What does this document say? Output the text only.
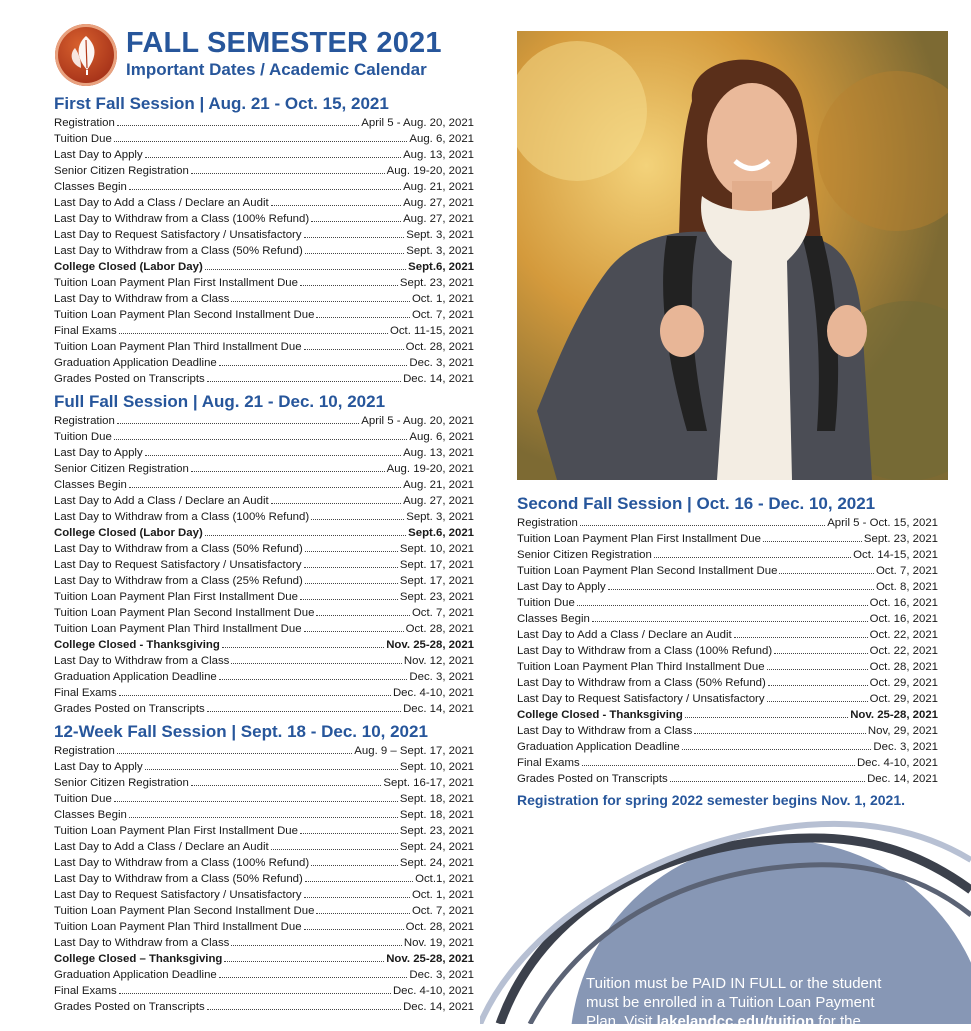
FALL SEMESTER 2021
Important Dates / Academic Calendar
First Fall Session | Aug. 21 - Oct. 15, 2021
Registration	April 5 - Aug. 20, 2021
Tuition Due	Aug. 6, 2021
Last Day to Apply	Aug. 13, 2021
Senior Citizen Registration	Aug. 19-20, 2021
Classes Begin	Aug. 21, 2021
Last Day to Add a Class / Declare an Audit	Aug. 27, 2021
Last Day to Withdraw from a Class (100% Refund)	Aug. 27, 2021
Last Day to Request Satisfactory / Unsatisfactory	Sept. 3, 2021
Last Day to Withdraw from a Class (50% Refund)	Sept. 3, 2021
College Closed (Labor Day)	Sept.6, 2021
Tuition Loan Payment Plan First Installment Due	Sept. 23, 2021
Last Day to Withdraw from a Class	Oct. 1, 2021
Tuition Loan Payment Plan Second Installment Due	Oct. 7, 2021
Final Exams	Oct. 11-15, 2021
Tuition Loan Payment Plan Third Installment Due	Oct. 28, 2021
Graduation Application Deadline	Dec. 3, 2021
Grades Posted on Transcripts	Dec. 14, 2021
Full Fall Session | Aug. 21 - Dec. 10, 2021
Registration	April 5 - Aug. 20, 2021
Tuition Due	Aug. 6, 2021
Last Day to Apply	Aug. 13, 2021
Senior Citizen Registration	Aug. 19-20, 2021
Classes Begin	Aug. 21, 2021
Last Day to Add a Class / Declare an Audit	Aug. 27, 2021
Last Day to Withdraw from a Class (100% Refund)	Sept. 3, 2021
College Closed (Labor Day)	Sept.6, 2021
Last Day to Withdraw from a Class (50% Refund)	Sept. 10, 2021
Last Day to Request Satisfactory / Unsatisfactory	Sept. 17, 2021
Last Day to Withdraw from a Class (25% Refund)	Sept. 17, 2021
Tuition Loan Payment Plan First Installment Due	Sept. 23, 2021
Tuition Loan Payment Plan Second Installment Due	Oct. 7, 2021
Tuition Loan Payment Plan Third Installment Due	Oct. 28, 2021
College Closed - Thanksgiving	Nov. 25-28, 2021
Last Day to Withdraw from a Class	Nov. 12, 2021
Graduation Application Deadline	Dec. 3, 2021
Final Exams	Dec. 4-10, 2021
Grades Posted on Transcripts	Dec. 14, 2021
12-Week Fall Session | Sept. 18 - Dec. 10, 2021
Registration	Aug. 9 – Sept. 17, 2021
Last Day to Apply	Sept. 10, 2021
Senior Citizen Registration	Sept. 16-17, 2021
Tuition Due	Sept. 18, 2021
Classes Begin	Sept. 18, 2021
Tuition Loan Payment Plan First Installment Due	Sept. 23, 2021
Last Day to Add a Class / Declare an Audit	Sept. 24, 2021
Last Day to Withdraw from a Class (100% Refund)	Sept. 24, 2021
Last Day to Withdraw from a Class (50% Refund)	Oct.1, 2021
Last Day to Request Satisfactory / Unsatisfactory	Oct. 1, 2021
Tuition Loan Payment Plan Second Installment Due	Oct. 7, 2021
Tuition Loan Payment Plan Third Installment Due	Oct. 28, 2021
Last Day to Withdraw from a Class	Nov. 19, 2021
College Closed – Thanksgiving	Nov. 25-28, 2021
Graduation Application Deadline	Dec. 3, 2021
Final Exams	Dec. 4-10, 2021
Grades Posted on Transcripts	Dec. 14, 2021
Second Fall Session | Oct. 16 - Dec. 10, 2021
Registration	April 5 - Oct. 15, 2021
Tuition Loan Payment Plan First Installment Due	Sept. 23, 2021
Senior Citizen Registration	Oct. 14-15, 2021
Tuition Loan Payment Plan Second Installment Due	Oct. 7, 2021
Last Day to Apply	Oct. 8, 2021
Tuition Due	Oct. 16, 2021
Classes Begin	Oct. 16, 2021
Last Day to Add a Class / Declare an Audit	Oct. 22, 2021
Last Day to Withdraw from a Class (100% Refund)	Oct. 22, 2021
Tuition Loan Payment Plan Third Installment Due	Oct. 28, 2021
Last Day to Withdraw from a Class (50% Refund)	Oct. 29, 2021
Last Day to Request Satisfactory / Unsatisfactory	Oct. 29, 2021
College Closed - Thanksgiving	Nov. 25-28, 2021
Last Day to Withdraw from a Class	Nov, 29, 2021
Graduation Application Deadline	Dec. 3, 2021
Final Exams	Dec. 4-10, 2021
Grades Posted on Transcripts	Dec. 14, 2021
Registration for spring 2022 semester begins Nov. 1, 2021.
Tuition must be PAID IN FULL or the student
must be enrolled in a Tuition Loan Payment
Plan. Visit lakelandcc.edu/tuition for the
